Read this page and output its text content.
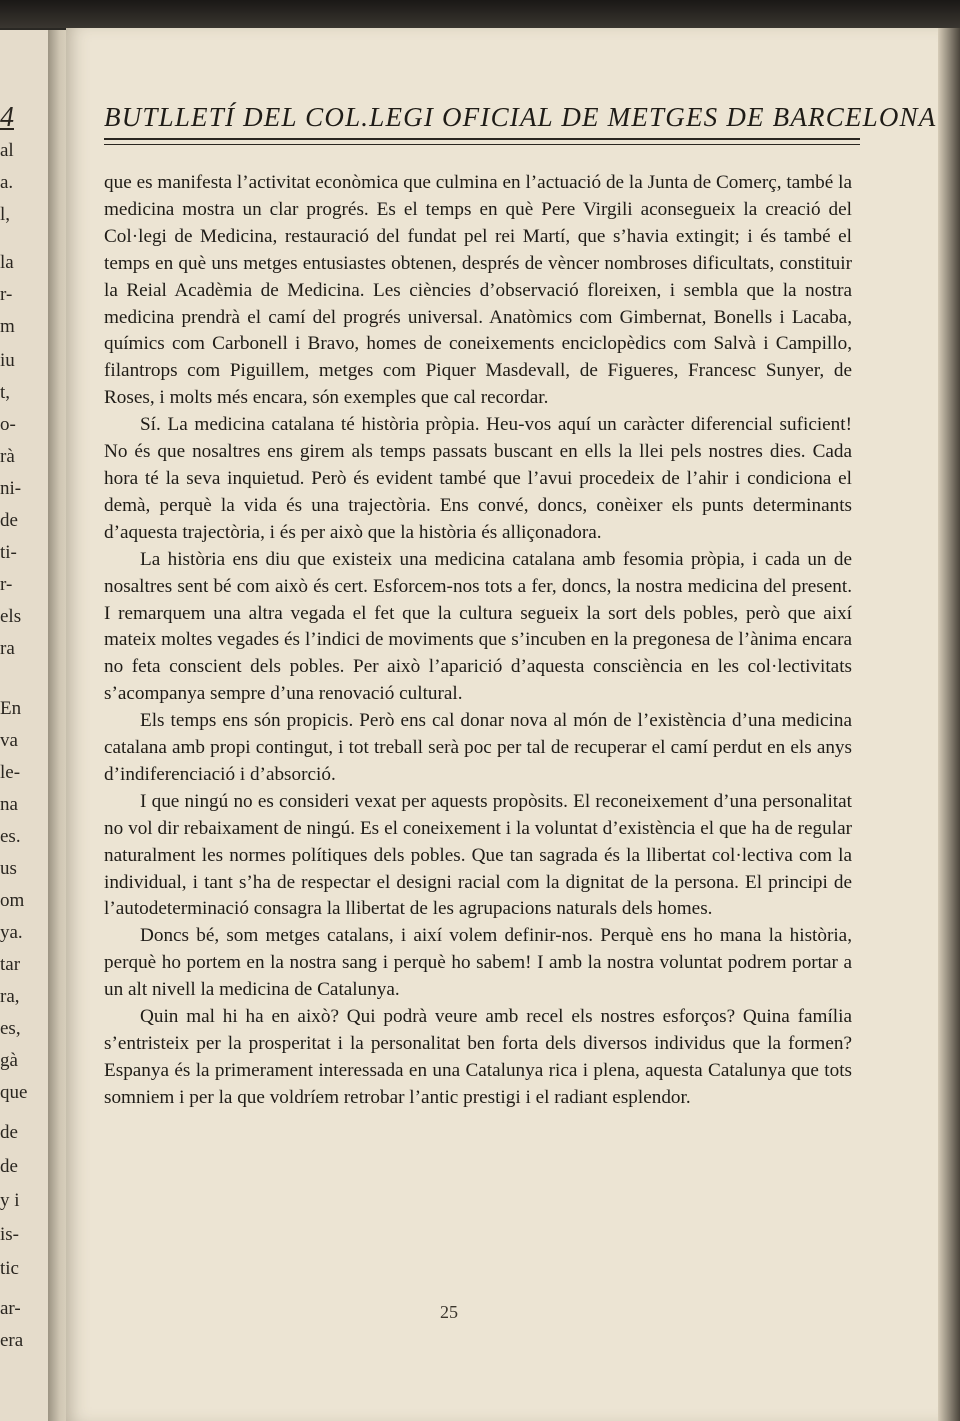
4
al
a.
l,
la
r-
m
iu
t,
o-
rà
ni-
de
ti-
r-
els
ra
En
va
le-
na
es.
us
om
ya.
tar
ra,
es,
gà
que
de
de
y i
is-
tic
ar-
era
BUTLLETÍ DEL COL.LEGI OFICIAL DE METGES DE BARCELONA

que es manifesta l’activitat econòmica que culmina en l’actuació de la Junta de Comerç, també la medicina mostra un clar progrés. Es el temps en què Pere Virgili aconsegueix la creació del Col·legi de Medicina, restauració del fundat pel rei Martí, que s’havia extingit; i és també el temps en què uns metges entusiastes obtenen, després de vèncer nombroses dificultats, constituir la Reial Acadèmia de Medicina. Les ciències d’observació floreixen, i sembla que la nostra medicina prendrà el camí del progrés universal. Anatòmics com Gimbernat, Bonells i Lacaba, químics com Carbonell i Bravo, homes de coneixements enciclopèdics com Salvà i Campillo, filantrops com Piguillem, metges com Piquer Masdevall, de Figueres, Francesc Sunyer, de Roses, i molts més encara, són exemples que cal recordar.

Sí. La medicina catalana té història pròpia. Heu-vos aquí un caràcter diferencial suficient! No és que nosaltres ens girem als temps passats buscant en ells la llei pels nostres dies. Cada hora té la seva inquietud. Però és evident també que l’avui procedeix de l’ahir i condiciona el demà, perquè la vida és una trajectòria. Ens convé, doncs, conèixer els punts determinants d’aquesta trajectòria, i és per això que la història és alliçonadora.

La història ens diu que existeix una medicina catalana amb fesomia pròpia, i cada un de nosaltres sent bé com això és cert. Esforcem-nos tots a fer, doncs, la nostra medicina del present. I remarquem una altra vegada el fet que la cultura segueix la sort dels pobles, però que així mateix moltes vegades és l’indici de moviments que s’incuben en la pregonesa de l’ànima encara no feta conscient dels pobles. Per això l’aparició d’aquesta consciència en les col·lectivitats s’acompanya sempre d’una renovació cultural.

Els temps ens són propicis. Però ens cal donar nova al món de l’existència d’una medicina catalana amb propi contingut, i tot treball serà poc per tal de recuperar el camí perdut en els anys d’indiferenciació i d’absorció.

I que ningú no es consideri vexat per aquests propòsits. El reconeixement d’una personalitat no vol dir rebaixament de ningú. Es el coneixement i la voluntat d’existència el que ha de regular naturalment les normes polítiques dels pobles. Que tan sagrada és la llibertat col·lectiva com la individual, i tant s’ha de respectar el designi racial com la dignitat de la persona. El principi de l’autodeterminació consagra la llibertat de les agrupacions naturals dels homes.

Doncs bé, som metges catalans, i així volem definir-nos. Perquè ens ho mana la història, perquè ho portem en la nostra sang i perquè ho sabem! I amb la nostra voluntat podrem portar a un alt nivell la medicina de Catalunya.

Quin mal hi ha en això? Qui podrà veure amb recel els nostres esforços? Quina família s’entristeix per la prosperitat i la personalitat ben forta dels diversos individus que la formen? Espanya és la primerament interessada en una Catalunya rica i plena, aquesta Catalunya que tots somniem i per la que voldríem retrobar l’antic prestigi i el radiant esplendor.

25
